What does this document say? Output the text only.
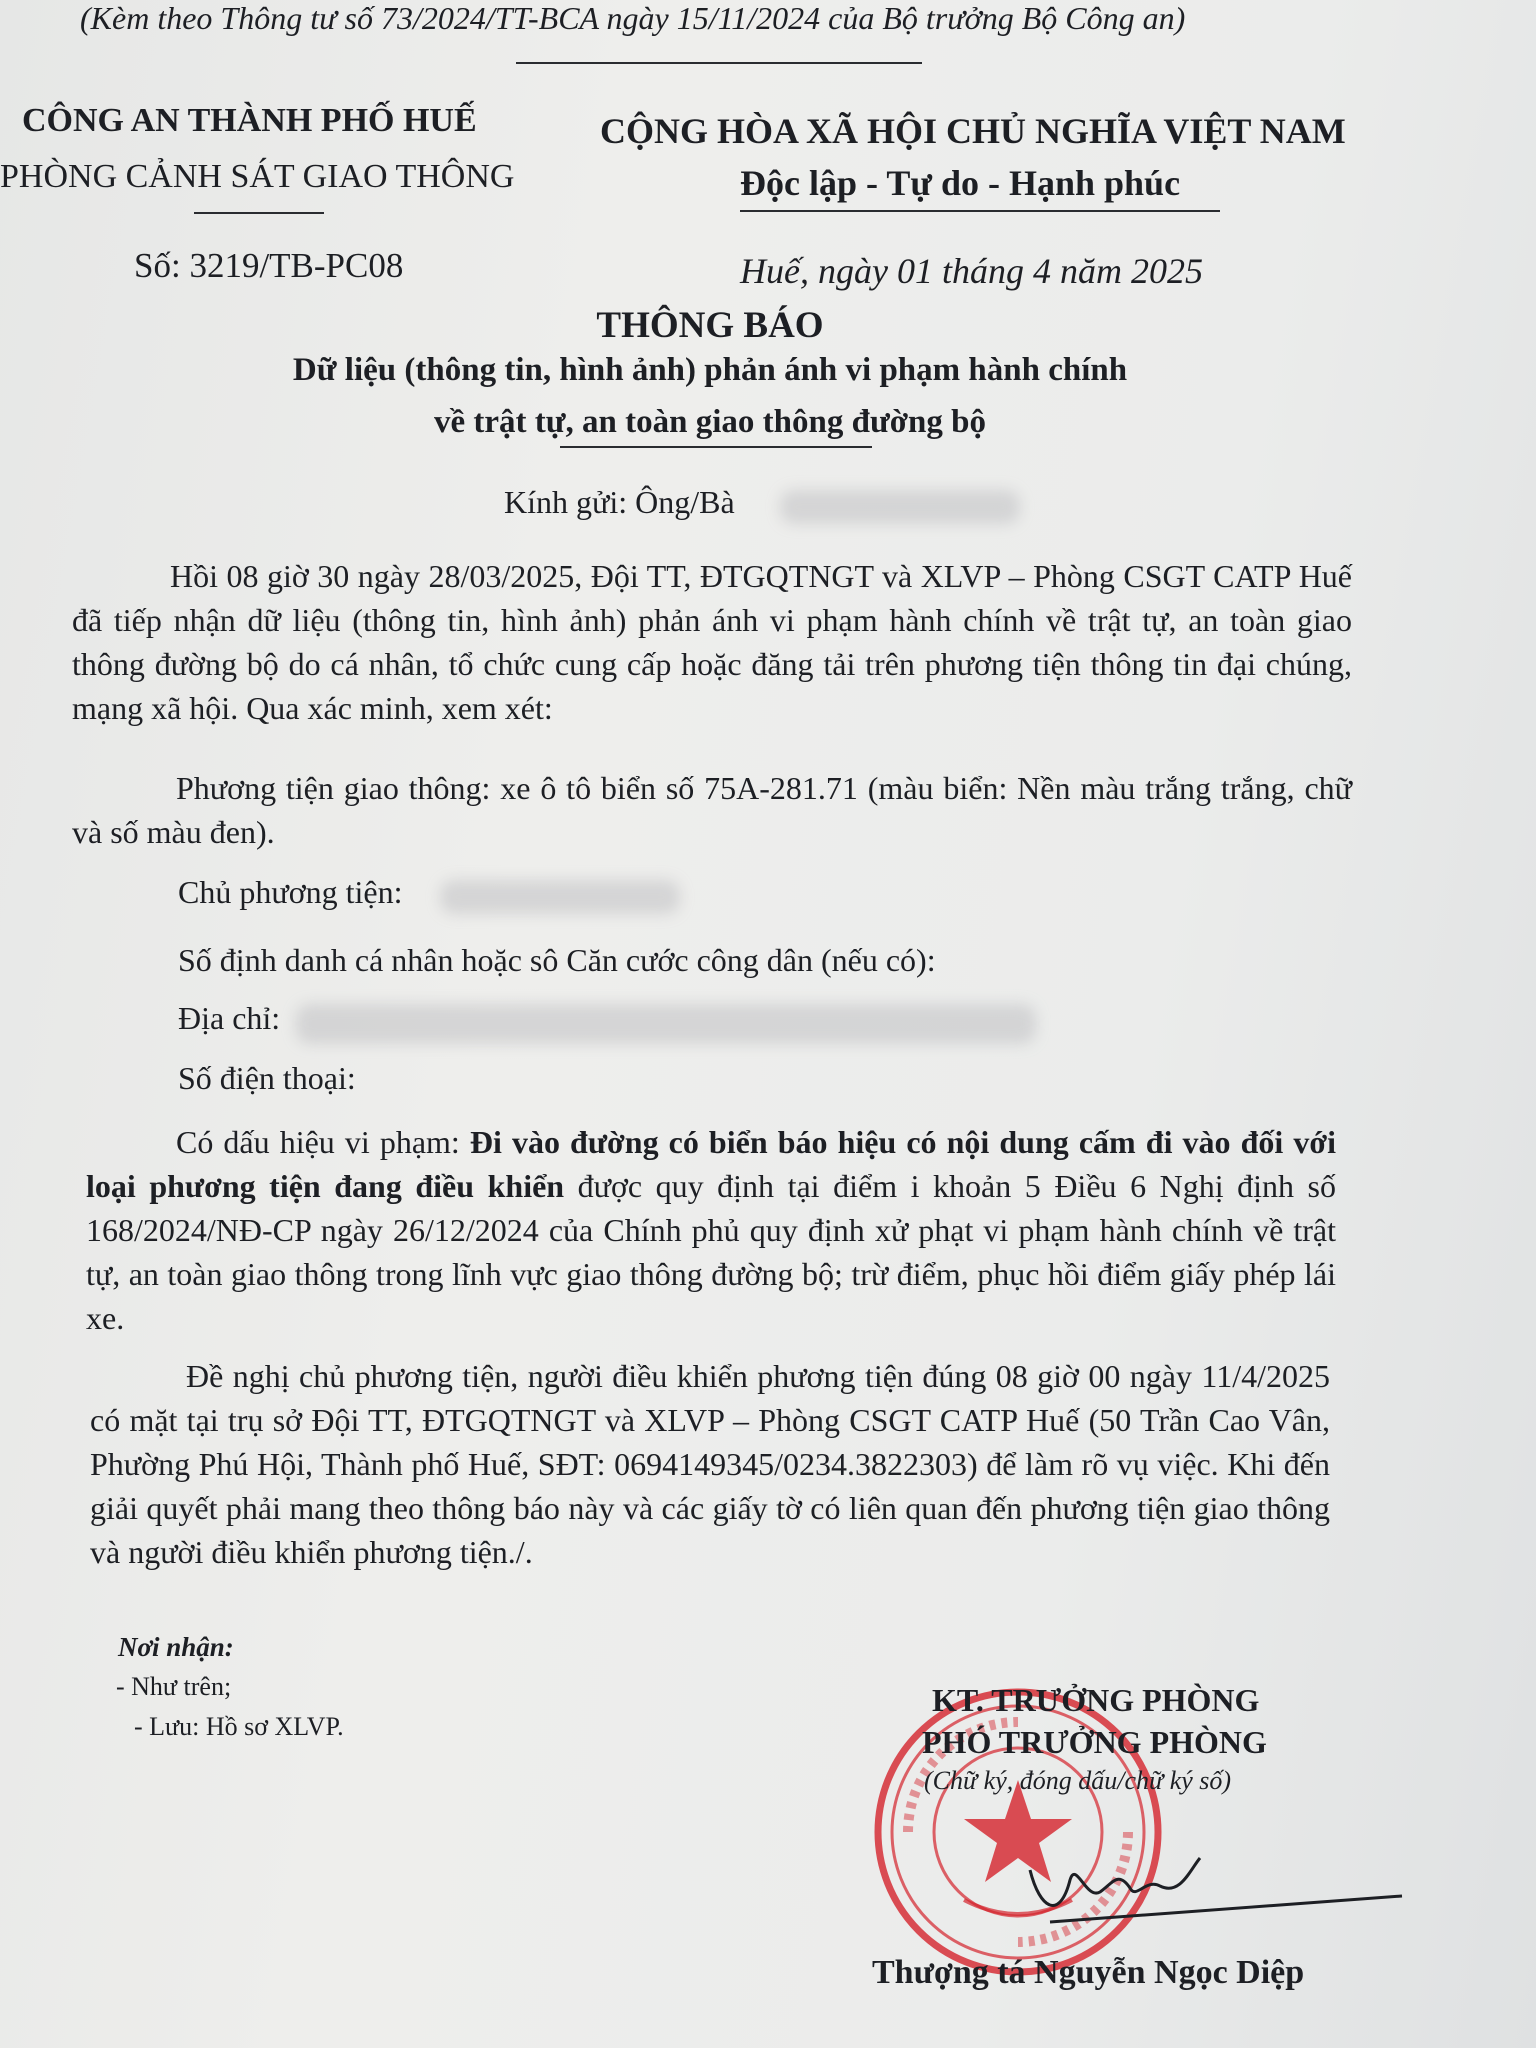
(Kèm theo Thông tư số 73/2024/TT-BCA ngày 15/11/2024 của Bộ trưởng Bộ Công an)
CÔNG AN THÀNH PHỐ HUẾ
PHÒNG CẢNH SÁT GIAO THÔNG
CỘNG HÒA XÃ HỘI CHỦ NGHĨA VIỆT NAM
Độc lập - Tự do - Hạnh phúc
Số: 3219/TB-PC08	Huế, ngày 01 tháng 4 năm 2025
THÔNG BÁO
Dữ liệu (thông tin, hình ảnh) phản ánh vi phạm hành chính
về trật tự, an toàn giao thông đường bộ
Kính gửi: Ông/Bà
Hồi 08 giờ 30 ngày 28/03/2025, Đội TT, ĐTGQTNGT và XLVP – Phòng CSGT CATP Huế đã tiếp nhận dữ liệu (thông tin, hình ảnh) phản ánh vi phạm hành chính về trật tự, an toàn giao thông đường bộ do cá nhân, tổ chức cung cấp hoặc đăng tải trên phương tiện thông tin đại chúng, mạng xã hội. Qua xác minh, xem xét:
Phương tiện giao thông: xe ô tô biển số 75A-281.71 (màu biển: Nền màu trắng trắng, chữ và số màu đen).
Chủ phương tiện:
Số định danh cá nhân hoặc sô Căn cước công dân (nếu có):
Địa chỉ:
Số điện thoại:
Có dấu hiệu vi phạm: Đi vào đường có biển báo hiệu có nội dung cấm đi vào đối với loại phương tiện đang điều khiển được quy định tại điểm i khoản 5 Điều 6 Nghị định số 168/2024/NĐ-CP ngày 26/12/2024 của Chính phủ quy định xử phạt vi phạm hành chính về trật tự, an toàn giao thông trong lĩnh vực giao thông đường bộ; trừ điểm, phục hồi điểm giấy phép lái xe.
Đề nghị chủ phương tiện, người điều khiển phương tiện đúng 08 giờ 00 ngày 11/4/2025 có mặt tại trụ sở Đội TT, ĐTGQTNGT và XLVP – Phòng CSGT CATP Huế (50 Trần Cao Vân, Phường Phú Hội, Thành phố Huế, SĐT: 0694149345/0234.3822303) để làm rõ vụ việc. Khi đến giải quyết phải mang theo thông báo này và các giấy tờ có liên quan đến phương tiện giao thông và người điều khiển phương tiện./.
Nơi nhận:
- Như trên;
- Lưu: Hồ sơ XLVP.
KT. TRƯỞNG PHÒNG
PHÓ TRƯỞNG PHÒNG
(Chữ ký, đóng dấu/chữ ký số)
Thượng tá Nguyễn Ngọc Diệp
